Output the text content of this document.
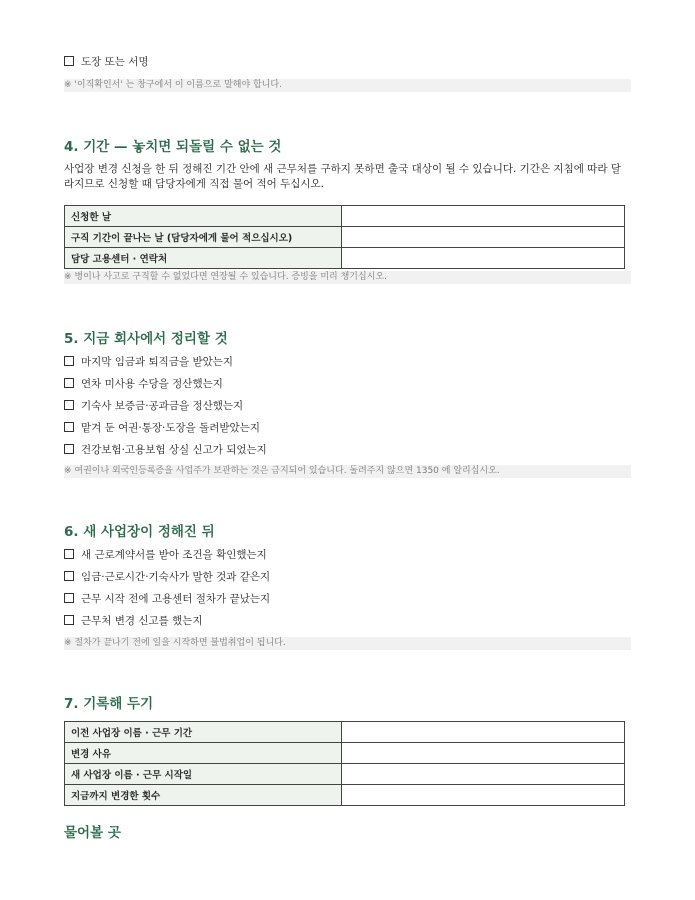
도장 또는 서명
※ '이직확인서' 는 창구에서 이 이름으로 말해야 합니다.
4. 기간 — 놓치면 되돌릴 수 없는 것
사업장 변경 신청을 한 뒤 정해진 기간 안에 새 근무처를 구하지 못하면 출국 대상이 될 수 있습니다. 기간은 지침에 따라 달라지므로 신청할 때 담당자에게 직접 물어 적어 두십시오.
신청한 날	
구직 기간이 끝나는 날 (담당자에게 물어 적으십시오)	
담당 고용센터 · 연락처	
※ 병이나 사고로 구직할 수 없었다면 연장될 수 있습니다. 증빙을 미리 챙기십시오.
5. 지금 회사에서 정리할 것
마지막 임금과 퇴직금을 받았는지
연차 미사용 수당을 정산했는지
기숙사 보증금·공과금을 정산했는지
맡겨 둔 여권·통장·도장을 돌려받았는지
건강보험·고용보험 상실 신고가 되었는지
※ 여권이나 외국인등록증을 사업주가 보관하는 것은 금지되어 있습니다. 돌려주지 않으면 1350 에 알리십시오.
6. 새 사업장이 정해진 뒤
새 근로계약서를 받아 조건을 확인했는지
임금·근로시간·기숙사가 말한 것과 같은지
근무 시작 전에 고용센터 절차가 끝났는지
근무처 변경 신고를 했는지
※ 절차가 끝나기 전에 일을 시작하면 불법취업이 됩니다.
7. 기록해 두기
이전 사업장 이름 · 근무 기간	
변경 사유	
새 사업장 이름 · 근무 시작일	
지금까지 변경한 횟수	
물어볼 곳
